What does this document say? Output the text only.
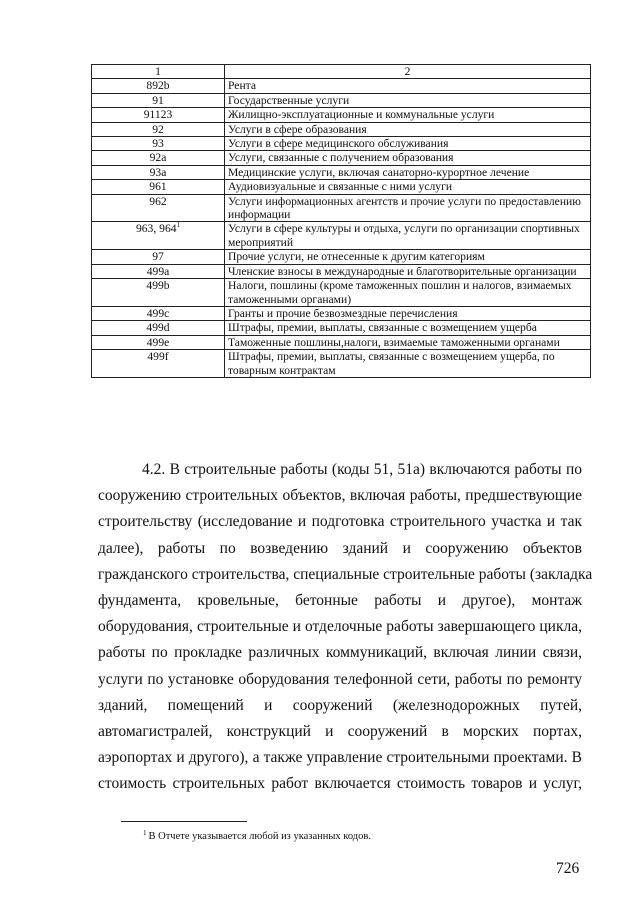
1	2
892b	Рента
91	Государственные услуги
91123	Жилищно-эксплуатационные и коммунальные услуги
92	Услуги в сфере образования
93	Услуги в сфере медицинского обслуживания
92a	Услуги, связанные с получением образования
93a	Медицинские услуги, включая санаторно-курортное лечение
961	Аудиовизуальные и связанные с ними услуги
962	Услуги информационных агентств и прочие услуги по предоставлению информации
963, $964^1$	Услуги в сфере культуры и отдыха, услуги по организации спортивных мероприятий
97	Прочие услуги, не отнесенные к другим категориям
499a	Членские взносы в международные и благотворительные организации
499b	Налоги, пошлины (кроме таможенных пошлин и налогов, взимаемых таможенными органами)
499c	Гранты и прочие безвозмездные перечисления
499d	Штрафы, премии, выплаты, связанные с возмещением ущерба
499e	Таможенные пошлины,налоги, взимаемые таможенными органами
499f	Штрафы, премии, выплаты, связанные с возмещением ущерба, по товарным контрактам

4.2. В строительные работы (коды 51, 51a) включаются работы по
сооружению строительных объектов, включая работы, предшествующие
строительству (исследование и подготовка строительного участка и так
далее), работы по возведению зданий и сооружению объектов
гражданского строительства, специальные строительные работы (закладка
фундамента, кровельные, бетонные работы и другое), монтаж
оборудования, строительные и отделочные работы завершающего цикла,
работы по прокладке различных коммуникаций, включая линии связи,
услуги по установке оборудования телефонной сети, работы по ремонту
зданий, помещений и сооружений (железнодорожных путей,
автомагистралей, конструкций и сооружений в морских портах,
аэропортах и другого), а также управление строительными проектами. В
стоимость строительных работ включается стоимость товаров и услуг,

$^1$ В Отчете указывается любой из указанных кодов.
726
